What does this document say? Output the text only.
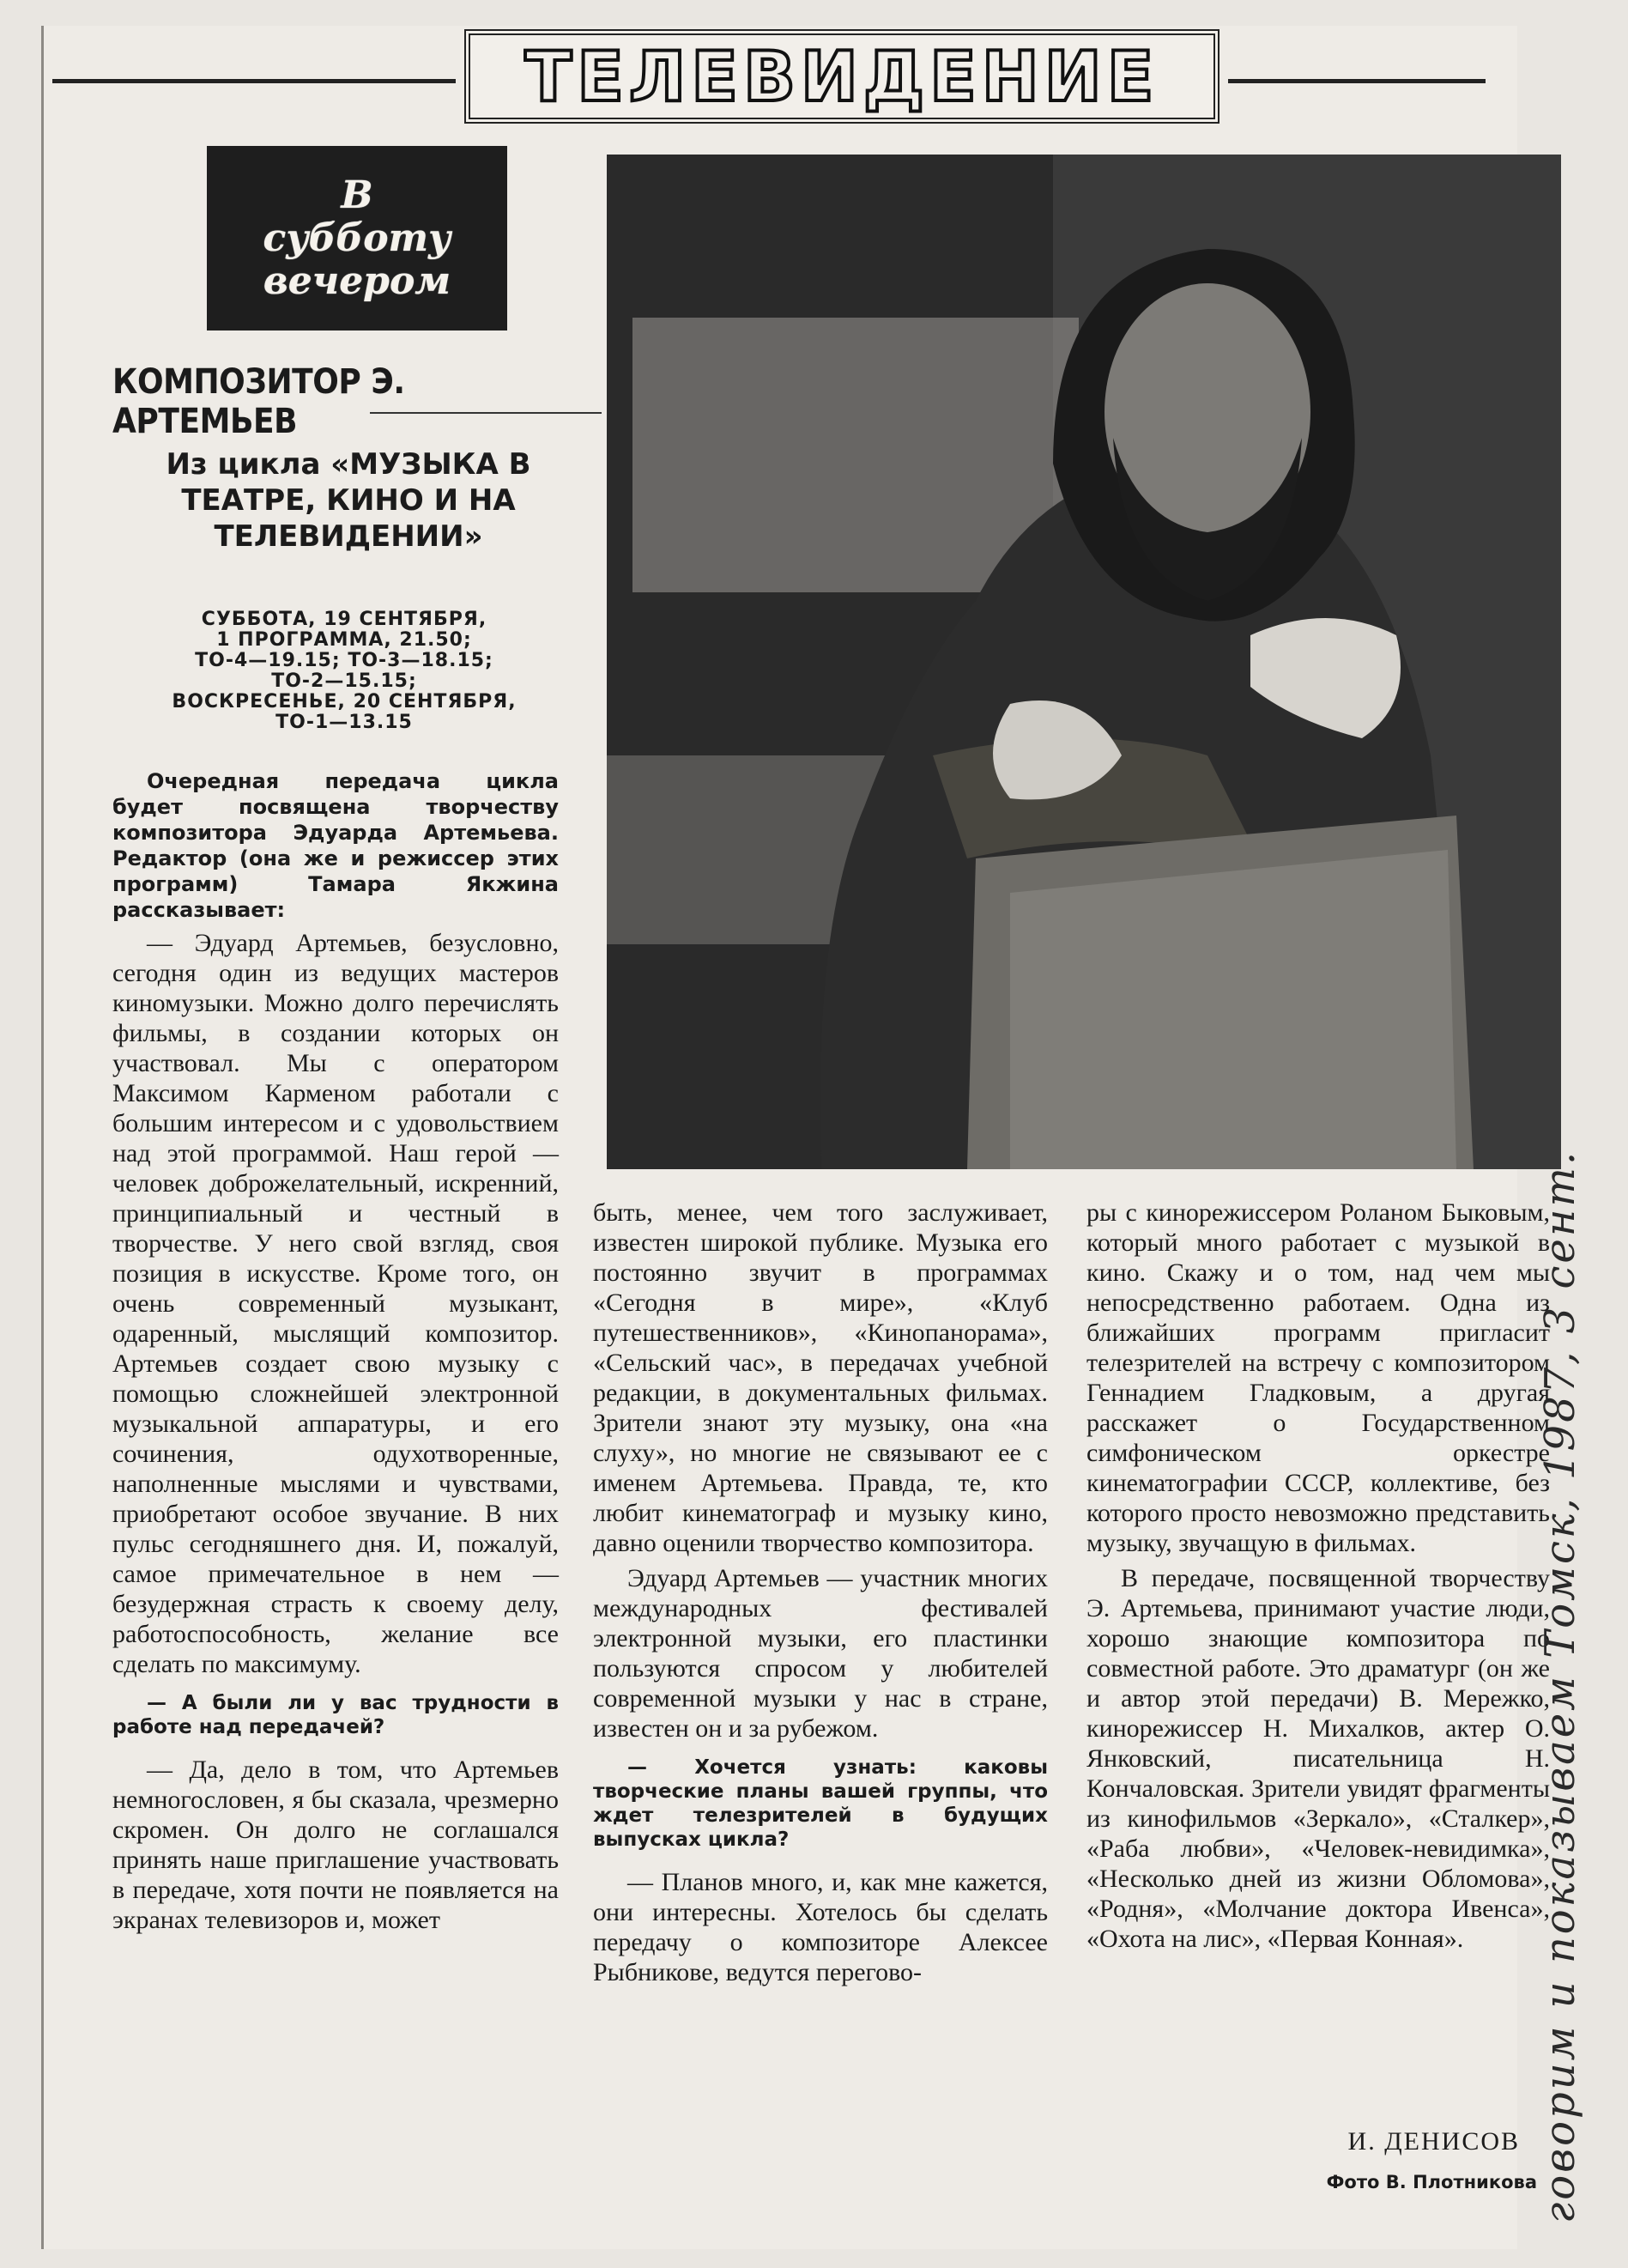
ТЕЛЕВИДЕНИЕ
В
субботу
вечером
КОМПОЗИТОР Э. АРТЕМЬЕВ
Из цикла «МУЗЫКА В ТЕАТРЕ, КИНО И НА ТЕЛЕВИДЕНИИ»
СУББОТА, 19 СЕНТЯБРЯ,
1 ПРОГРАММА, 21.50;
ТО-4—19.15; ТО-3—18.15;
ТО-2—15.15;
ВОСКРЕСЕНЬЕ, 20 СЕНТЯБРЯ,
ТО-1—13.15

Очередная передача цикла будет посвящена творчеству композитора Эдуарда Артемьева. Редактор (она же и режиссер этих программ) Тамара Якжина рассказывает:

— Эдуард Артемьев, безусловно, сегодня один из ведущих мастеров киномузыки. Можно долго перечислять фильмы, в создании которых он участвовал. Мы с оператором Максимом Карменом работали с большим интересом и с удовольствием над этой программой. Наш герой — человек доброжелательный, искренний, принципиальный и честный в творчестве. У него свой взгляд, своя позиция в искусстве. Кроме того, он очень современный музыкант, одаренный, мыслящий композитор. Артемьев создает свою музыку с помощью сложнейшей электронной музыкальной аппаратуры, и его сочинения, одухотворенные, наполненные мыслями и чувствами, приобретают особое звучание. В них пульс сегодняшнего дня. И, пожалуй, самое примечательное в нем — безудержная страсть к своему делу, работоспособность, желание все сделать по максимуму.

— А были ли у вас трудности в работе над передачей?

— Да, дело в том, что Артемьев немногословен, я бы сказала, чрезмерно скромен. Он долго не соглашался принять наше приглашение участвовать в передаче, хотя почти не появляется на экранах телевизоров и, может

быть, менее, чем того заслуживает, известен широкой публике. Музыка его постоянно звучит в программах «Сегодня в мире», «Клуб путешественников», «Кинопанорама», «Сельский час», в передачах учебной редакции, в документальных фильмах. Зрители знают эту музыку, она «на слуху», но многие не связывают ее с именем Артемьева. Правда, те, кто любит кинематограф и музыку кино, давно оценили творчество композитора.

Эдуард Артемьев — участник многих международных фестивалей электронной музыки, его пластинки пользуются спросом у любителей современной музыки у нас в стране, известен он и за рубежом.

— Хочется узнать: каковы творческие планы вашей группы, что ждет телезрителей в будущих выпусках цикла?

— Планов много, и, как мне кажется, они интересны. Хотелось бы сделать передачу о композиторе Алексее Рыбникове, ведутся перегово-

ры с кинорежиссером Роланом Быковым, который много работает с музыкой в кино. Скажу и о том, над чем мы непосредственно работаем. Одна из ближайших программ пригласит телезрителей на встречу с композитором Геннадием Гладковым, а другая расскажет о Государственном симфоническом оркестре кинематографии СССР, коллективе, без которого просто невозможно представить музыку, звучащую в фильмах.

В передаче, посвященной творчеству Э. Артемьева, принимают участие люди, хорошо знающие композитора по совместной работе. Это драматург (он же и автор этой передачи) В. Мережко, кинорежиссер Н. Михалков, актер О. Янковский, писательница Н. Кончаловская. Зрители увидят фрагменты из кинофильмов «Зеркало», «Сталкер», «Раба любви», «Человек-невидимка», «Несколько дней из жизни Обломова», «Родня», «Молчание доктора Ивенса», «Охота на лис», «Первая Конная».

И. ДЕНИСОВ
Фото В. Плотникова говорим и показываем Томск, 1987, 3 сент.
